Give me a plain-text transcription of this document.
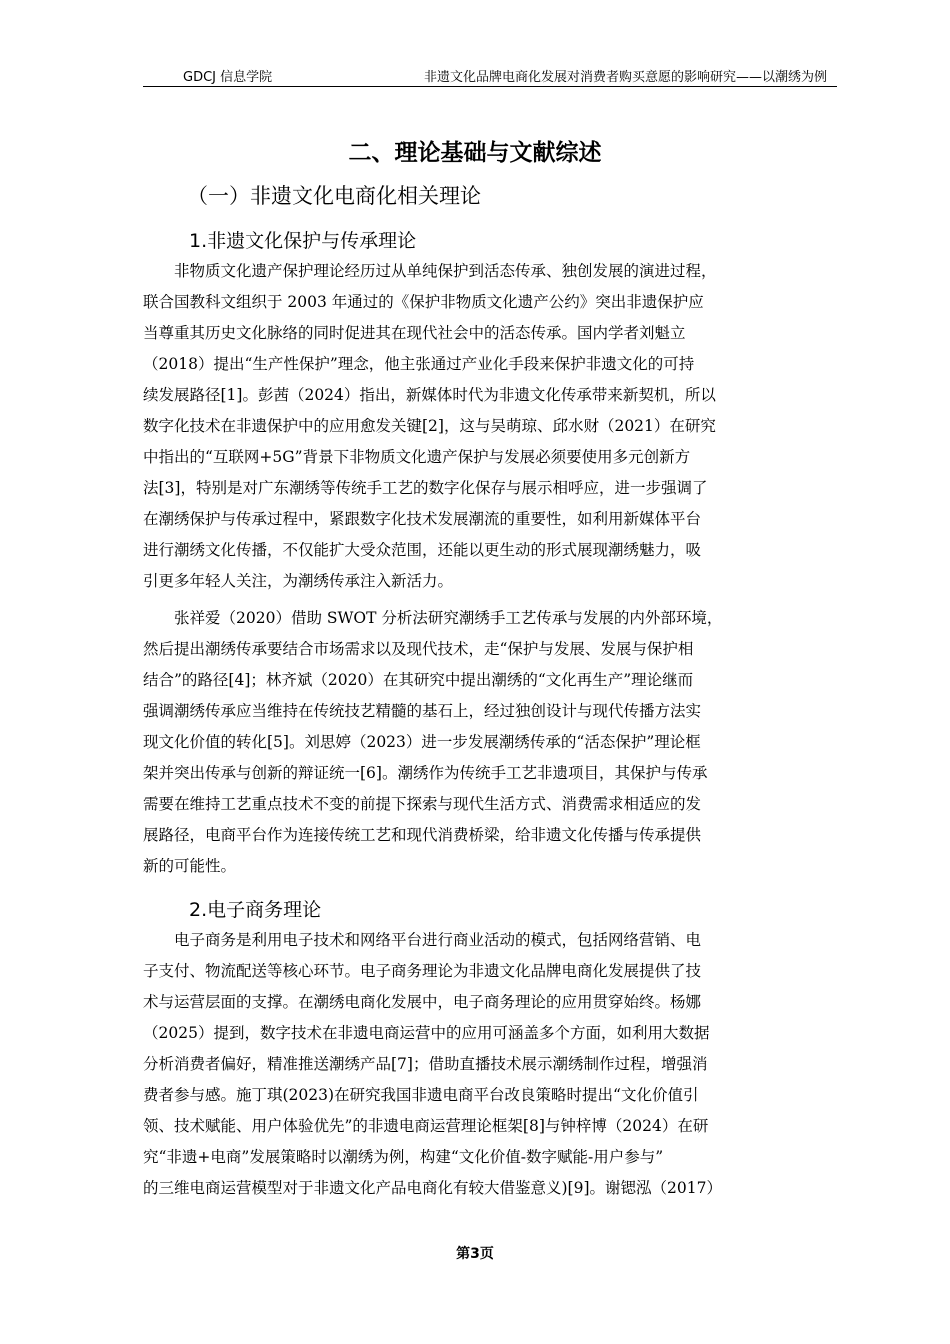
GDCJ 信息学院	非遗文化品牌电商化发展对消费者购买意愿的影响研究——以潮绣为例
二、理论基础与文献综述
（一）非遗文化电商化相关理论
1.非遗文化保护与传承理论
　　非物质文化遗产保护理论经历过从单纯保护到活态传承、独创发展的演进过程，
联合国教科文组织于 2003 年通过的《保护非物质文化遗产公约》突出非遗保护应
当尊重其历史文化脉络的同时促进其在现代社会中的活态传承。国内学者刘魁立
（2018）提出“生产性保护”理念，他主张通过产业化手段来保护非遗文化的可持
续发展路径[1]。彭茜（2024）指出，新媒体时代为非遗文化传承带来新契机，所以
数字化技术在非遗保护中的应用愈发关键[2]，这与吴萌琼、邱水财（2021）在研究
中指出的“互联网+5G”背景下非物质文化遗产保护与发展必须要使用多元创新方
法[3]，特别是对广东潮绣等传统手工艺的数字化保存与展示相呼应，进一步强调了
在潮绣保护与传承过程中，紧跟数字化技术发展潮流的重要性，如利用新媒体平台
进行潮绣文化传播，不仅能扩大受众范围，还能以更生动的形式展现潮绣魅力，吸
引更多年轻人关注，为潮绣传承注入新活力。
　　张祥爱（2020）借助 SWOT 分析法研究潮绣手工艺传承与发展的内外部环境，
然后提出潮绣传承要结合市场需求以及现代技术，走“保护与发展、发展与保护相
结合”的路径[4]；林齐斌（2020）在其研究中提出潮绣的“文化再生产”理论继而
强调潮绣传承应当维持在传统技艺精髓的基石上，经过独创设计与现代传播方法实
现文化价值的转化[5]。刘思婷（2023）进一步发展潮绣传承的“活态保护”理论框
架并突出传承与创新的辩证统一[6]。潮绣作为传统手工艺非遗项目，其保护与传承
需要在维持工艺重点技术不变的前提下探索与现代生活方式、消费需求相适应的发
展路径，电商平台作为连接传统工艺和现代消费桥梁，给非遗文化传播与传承提供
新的可能性。
2.电子商务理论
　　电子商务是利用电子技术和网络平台进行商业活动的模式，包括网络营销、电
子支付、物流配送等核心环节。电子商务理论为非遗文化品牌电商化发展提供了技
术与运营层面的支撑。在潮绣电商化发展中，电子商务理论的应用贯穿始终。杨娜
（2025）提到，数字技术在非遗电商运营中的应用可涵盖多个方面，如利用大数据
分析消费者偏好，精准推送潮绣产品[7]；借助直播技术展示潮绣制作过程，增强消
费者参与感。施丁琪(2023)在研究我国非遗电商平台改良策略时提出“文化价值引
领、技术赋能、用户体验优先”的非遗电商运营理论框架[8]与钟梓博（2024）在研
究“非遗+电商”发展策略时以潮绣为例，构建“文化价值-数字赋能-用户参与”
的三维电商运营模型对于非遗文化产品电商化有较大借鉴意义)[9]。谢锶泓（2017）
第3页
